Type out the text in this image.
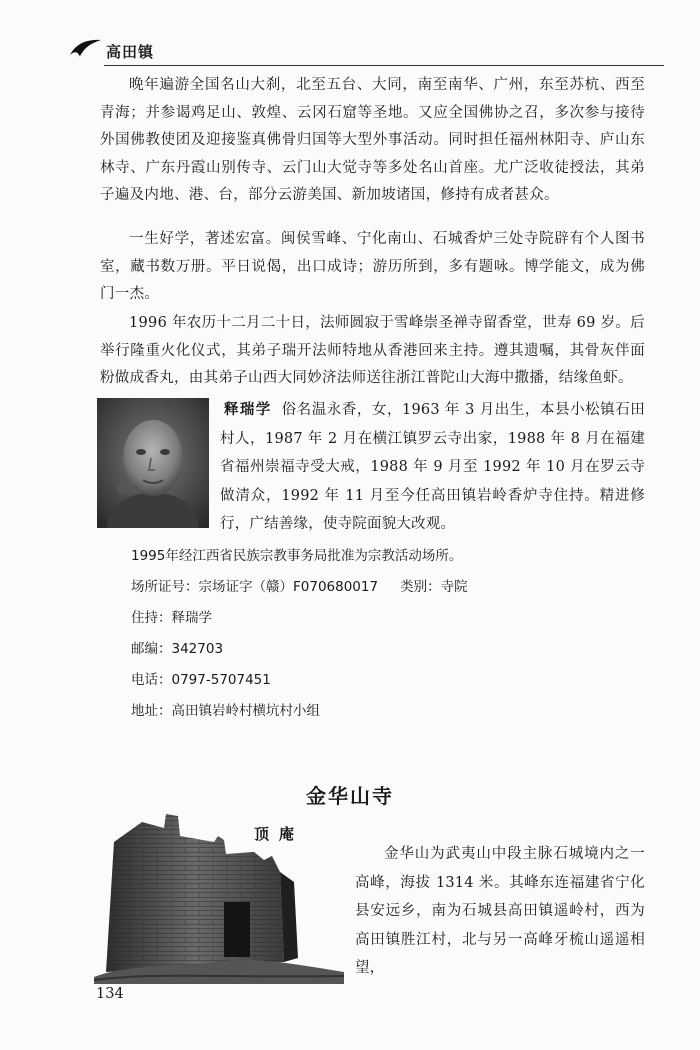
高田镇

晚年遍游全国名山大刹，北至五台、大同，南至南华、广州，东至苏杭、西至青海；并参谒鸡足山、敦煌、云冈石窟等圣地。又应全国佛协之召，多次参与接待外国佛教使团及迎接鉴真佛骨归国等大型外事活动。同时担任福州林阳寺、庐山东林寺、广东丹霞山别传寺、云门山大觉寺等多处名山首座。尤广泛收徒授法，其弟子遍及内地、港、台，部分云游美国、新加坡诸国，修持有成者甚众。

一生好学，著述宏富。闽侯雪峰、宁化南山、石城香炉三处寺院辟有个人图书室，藏书数万册。平日说偈，出口成诗；游历所到，多有题咏。博学能文，成为佛门一杰。

1996 年农历十二月二十日，法师圆寂于雪峰崇圣禅寺留香堂，世寿 69 岁。后举行隆重火化仪式，其弟子瑞开法师特地从香港回来主持。遵其遗嘱，其骨灰伴面粉做成香丸，由其弟子山西大同妙济法师送往浙江普陀山大海中撒播，结缘鱼虾。

释瑞学 俗名温永香，女，1963 年 3 月出生，本县小松镇石田村人，1987 年 2 月在横江镇罗云寺出家，1988 年 8 月在福建省福州崇福寺受大戒，1988 年 9 月至 1992 年 10 月在罗云寺做清众，1992 年 11 月至今任高田镇岩岭香炉寺住持。精进修行，广结善缘，使寺院面貌大改观。

1995年经江西省民族宗教事务局批准为宗教活动场所。

场所证号：宗场证字（赣）F070680017 类别：寺院

住持：释瑞学

邮编：342703

电话：0797-5707451

地址：高田镇岩岭村横坑村小组

金华山寺
顶庵

金华山为武夷山中段主脉石城境内之一高峰，海拔 1314 米。其峰东连福建省宁化县安远乡，南为石城县高田镇遥岭村，西为高田镇胜江村，北与另一高峰牙梳山遥遥相望，

134
